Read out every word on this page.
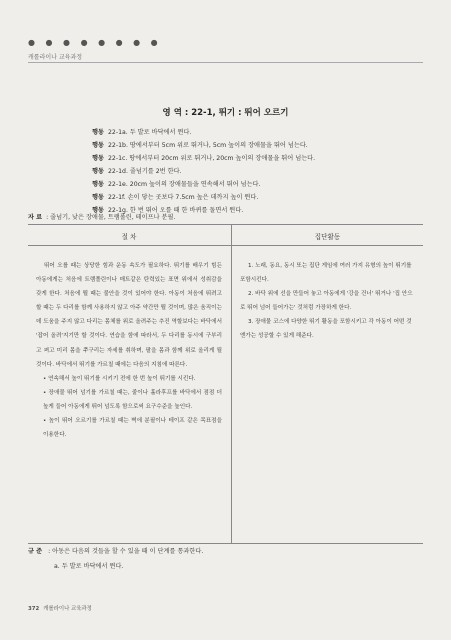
● ● ● ● ● ● ● ●
캐롤라이나 교육과정
영 역 : 22-1, 뛰기 : 뛰어 오르기
행동 22-1a. 두 발로 바닥에서 뛴다.
행동 22-1b. 땅에서부터 5cm 위로 뛰거나, 5cm 높이의 장애물을 뛰어 넘는다.
행동 22-1c. 땅에서부터 20cm 위로 뛰거나, 20cm 높이의 장애물을 뛰어 넘는다.
행동 22-1d. 줄넘기를 2번 한다.
행동 22-1e. 20cm 높이의 장애물들을 연속해서 뛰어 넘는다.
행동 22-1f. 손이 닿는 곳보다 7.5cm 높은 데까지 높이 뛴다.
행동 22-1g. 한 번 뛰어 오를 때 한 바퀴를 돌면서 뛴다.
자 료 : 줄넘기, 낮은 장애물, 트램폴린, 테이프나 분필.
절 차	집단활동

뛰어 오를 때는 상당한 힘과 운동 속도가 필요하다. 뛰기를 배우기 힘든 아동에게는 처음에 트램폴린이나 매트같은 탄력있는 표면 위에서 성취감을 갖게 한다. 처음에 뛸 때는 불안을 것이 있어야 한다. 아동이 처음에 뛰려고 할 때는 두 다리를 함께 사용하지 않고 아주 약간만 뛸 것이며, 많은 움직이는데 도움을 주지 않고 다리는 몸체를 위로 올려주는 추진 역할보다는 바닥에서 '잡어 올려'지기만 할 것이다. 연습을 함에 따라서, 두 다리를 동시에 구부리고 펴고 미리 몸을 쭈구리는 자세를 취하며, 팔을 몸과 함께 위로 올리게 될 것이다. 바닥에서 뛰기를 가르칠 때에는 다음의 지침에 따른다.

• 연속해서 높이 뛰기를 시키기 전에 한 번 높이 뛰기를 시킨다.

• 장애물 뛰어 넘기를 가르칠 때는, 줄이나 훌라후프를 바닥에서 점점 더 높게 들어 아동에게 뛰어 넘도록 함으로써 요구수준을 높인다.

• 높이 뛰어 오르기를 가르칠 때는 벽에 분필이나 테이프 같은 목표점을 이용한다.

1. 노래, 동요, 동시 또는 집단 게임에 여러 가지 유형의 높이 뛰기를 포함시킨다.

2. 바닥 위에 선을 만들어 놓고 아동에게 '강을 건너' 뛰거나 '집 안으로 뛰어 넘어 들어가는' 것처럼 가장하게 한다.

3. 장애물 코스에 다양한 뛰기 활동을 포함시키고 각 아동이 어떤 것엔가는 성공할 수 있게 해준다.

규 준 : 아동은 다음의 것들을 할 수 있을 때 이 단계를 통과한다.
a. 두 발로 바닥에서 뛴다.
372 캐롤라이나 교육과정
